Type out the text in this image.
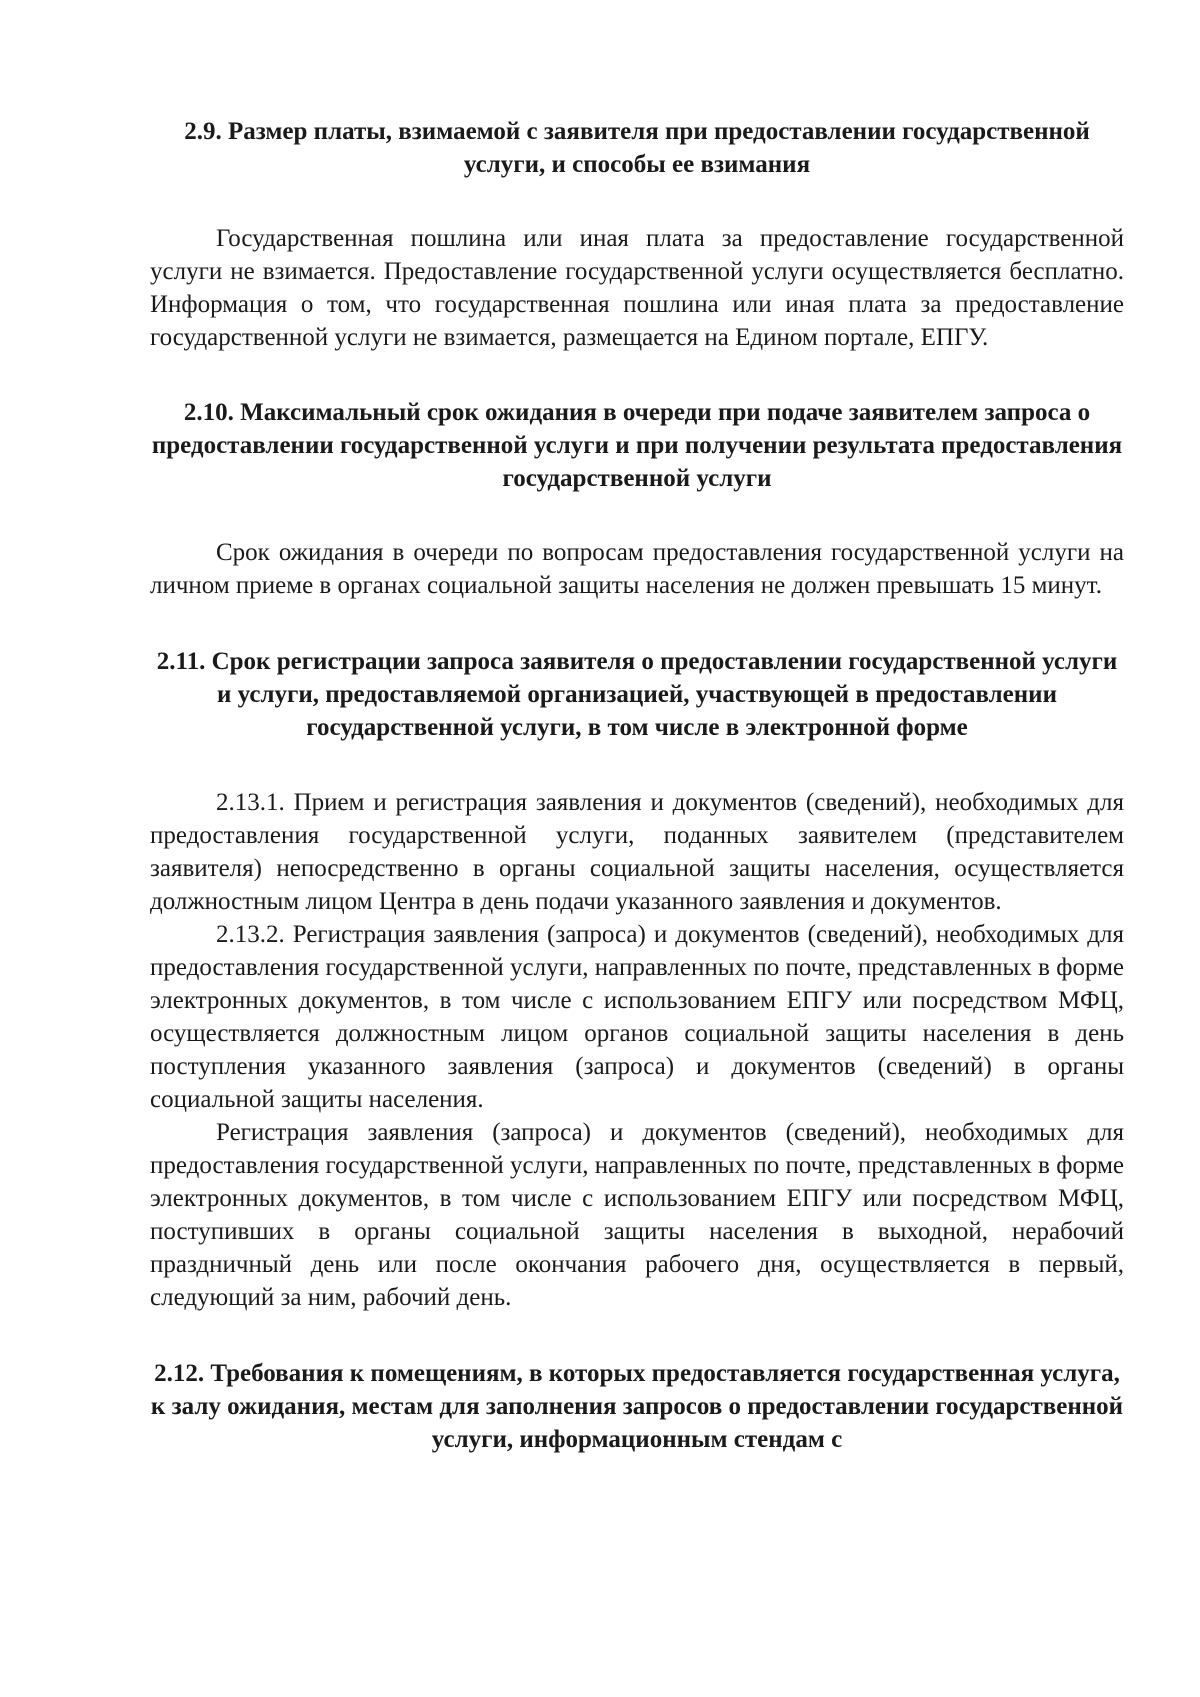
2.9. Размер платы, взимаемой с заявителя при предоставлении государственной услуги, и способы ее взимания

Государственная пошлина или иная плата за предоставление государственной услуги не взимается. Предоставление государственной услуги осуществляется бесплатно. Информация о том, что государственная пошлина или иная плата за предоставление государственной услуги не взимается, размещается на Едином портале, ЕПГУ.

2.10. Максимальный срок ожидания в очереди при подаче заявителем запроса о предоставлении государственной услуги и при получении результата предоставления государственной услуги

Срок ожидания в очереди по вопросам предоставления государственной услуги на личном приеме в органах социальной защиты населения не должен превышать 15 минут.

2.11. Срок регистрации запроса заявителя о предоставлении государственной услуги и услуги, предоставляемой организацией, участвующей в предоставлении государственной услуги, в том числе в электронной форме

2.13.1. Прием и регистрация заявления и документов (сведений), необходимых для предоставления государственной услуги, поданных заявителем (представителем заявителя) непосредственно в органы социальной защиты населения, осуществляется должностным лицом Центра в день подачи указанного заявления и документов.

2.13.2. Регистрация заявления (запроса) и документов (сведений), необходимых для предоставления государственной услуги, направленных по почте, представленных в форме электронных документов, в том числе с использованием ЕПГУ или посредством МФЦ, осуществляется должностным лицом органов социальной защиты населения в день поступления указанного заявления (запроса) и документов (сведений) в органы социальной защиты населения.

Регистрация заявления (запроса) и документов (сведений), необходимых для предоставления государственной услуги, направленных по почте, представленных в форме электронных документов, в том числе с использованием ЕПГУ или посредством МФЦ, поступивших в органы социальной защиты населения в выходной, нерабочий праздничный день или после окончания рабочего дня, осуществляется в первый, следующий за ним, рабочий день.

2.12. Требования к помещениям, в которых предоставляется государственная услуга, к залу ожидания, местам для заполнения запросов о предоставлении государственной услуги, информационным стендам с
